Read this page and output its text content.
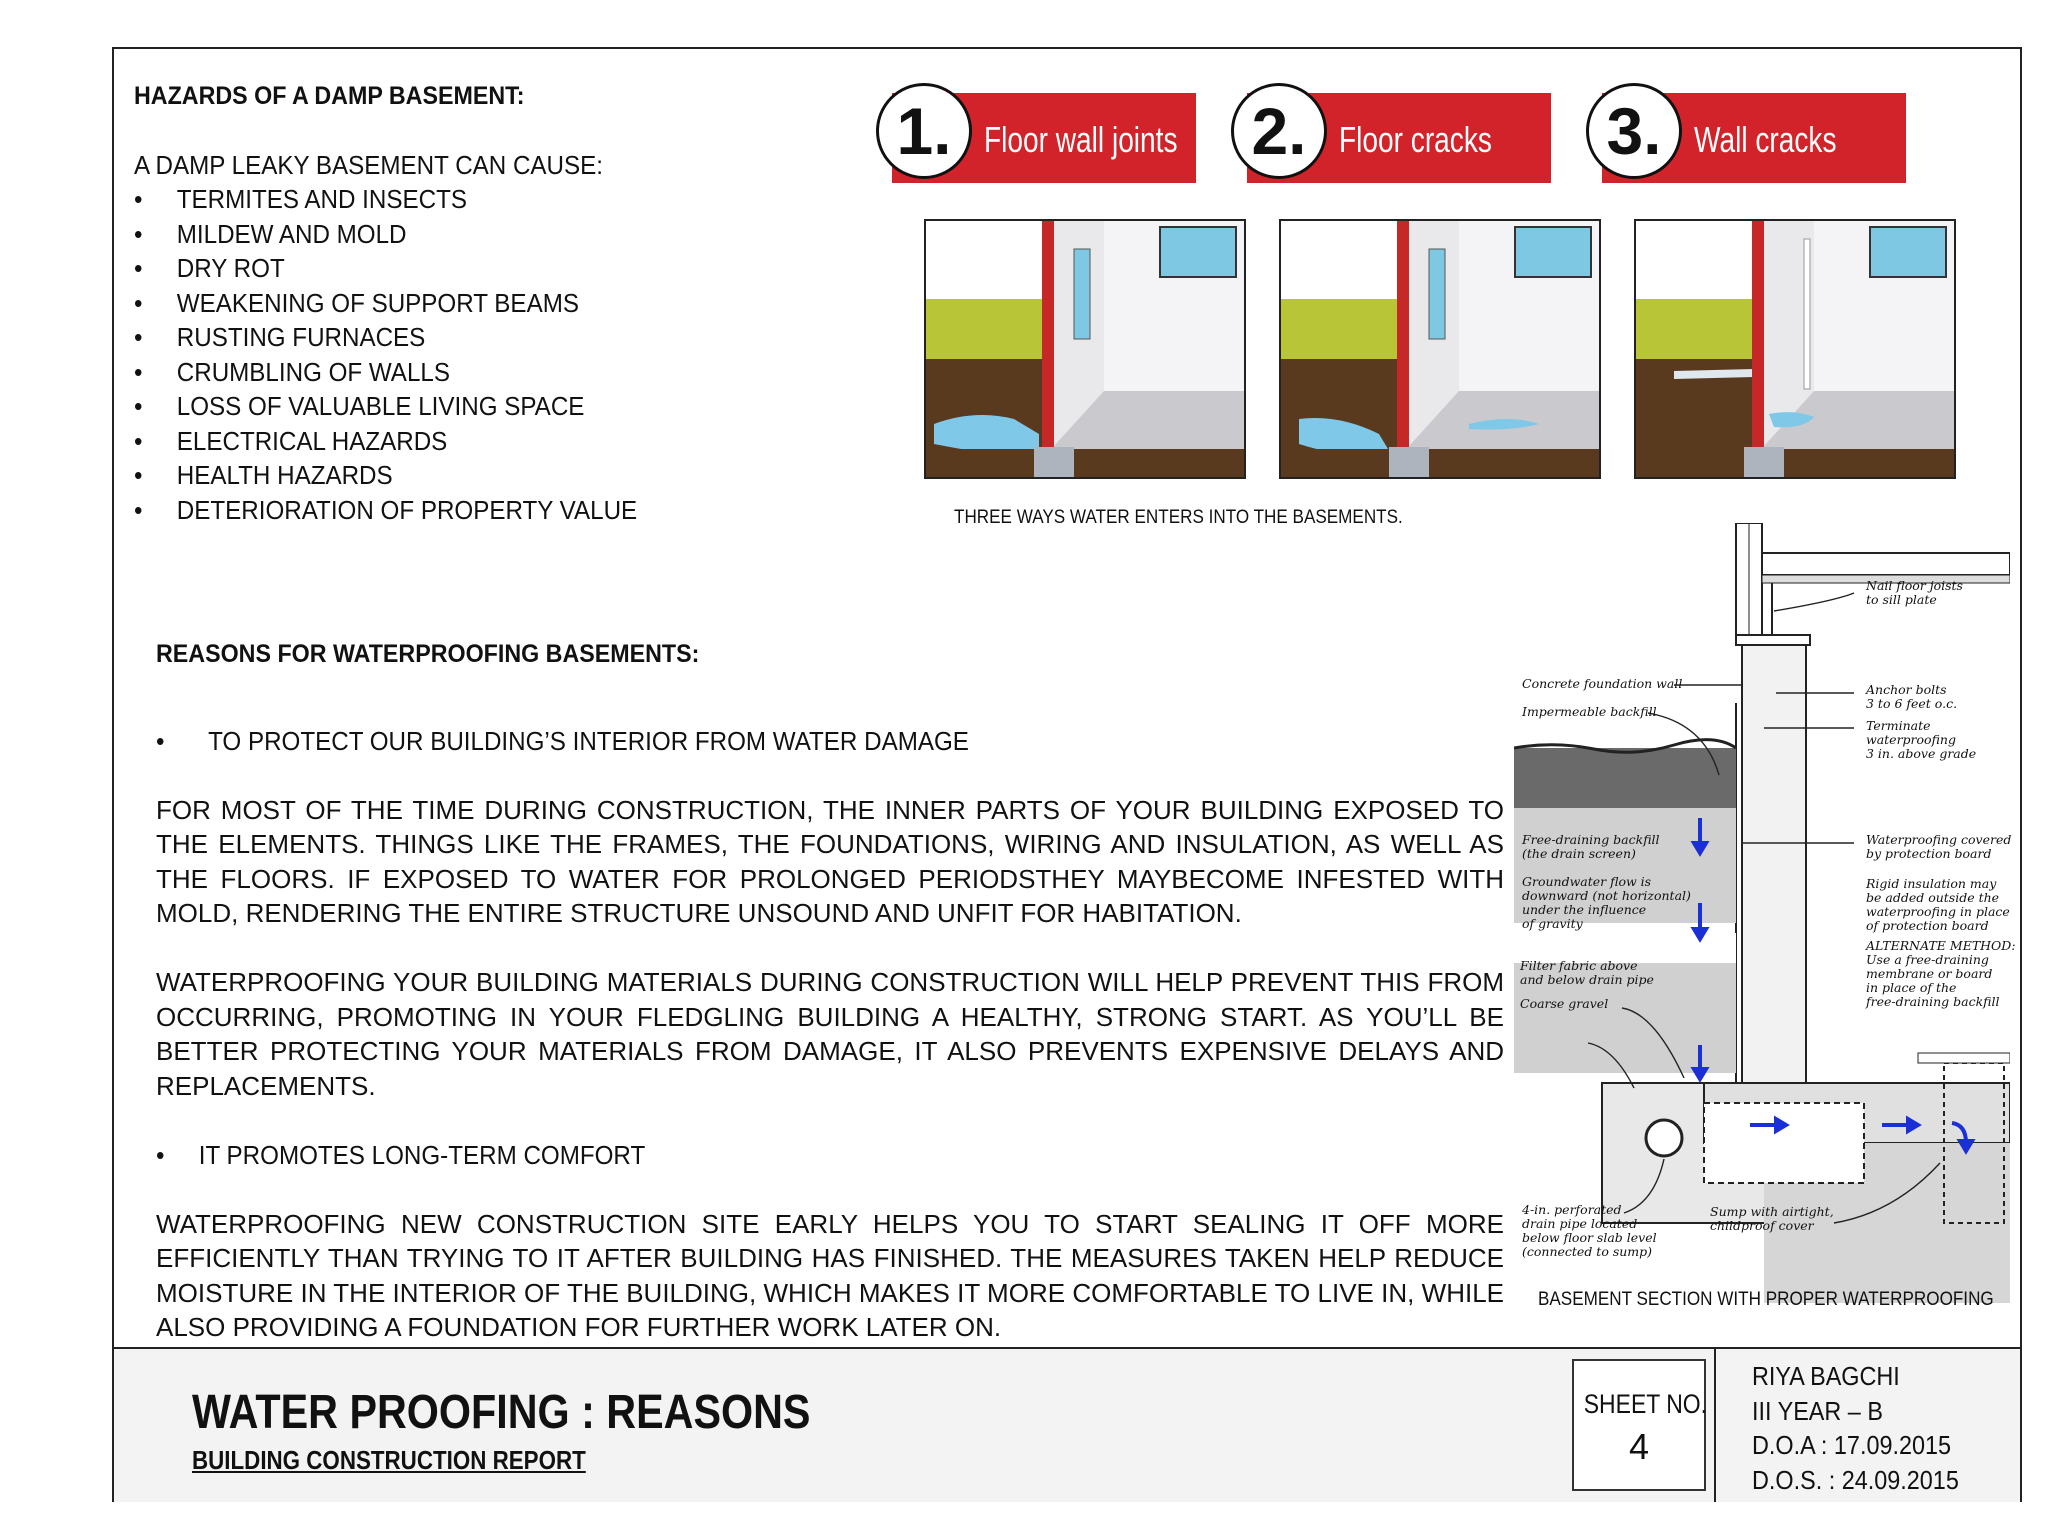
HAZARDS OF A DAMP BASEMENT:
A DAMP LEAKY BASEMENT CAN CAUSE:
• TERMITES AND INSECTS
• MILDEW AND MOLD
• DRY ROT
• WEAKENING OF SUPPORT BEAMS
• RUSTING FURNACES
• CRUMBLING OF WALLS
• LOSS OF VALUABLE LIVING SPACE
• ELECTRICAL HAZARDS
• HEALTH HAZARDS
• DETERIORATION OF PROPERTY VALUE
Floor wall joints
1.	Floor cracks
2.	Wall cracks
3.
THREE WAYS WATER ENTERS INTO THE BASEMENTS.
REASONS FOR WATERPROOFING BASEMENTS:
• TO PROTECT OUR BUILDING’S INTERIOR FROM WATER DAMAGE

FOR MOST OF THE TIME DURING CONSTRUCTION, THE INNER PARTS OF YOUR BUILDING EXPOSED TO THE ELEMENTS. THINGS LIKE THE FRAMES, THE FOUNDATIONS, WIRING AND INSULATION, AS WELL AS THE FLOORS. IF EXPOSED TO WATER FOR PROLONGED PERIODSTHEY MAYBECOME INFESTED WITH MOLD, RENDERING THE ENTIRE STRUCTURE UNSOUND AND UNFIT FOR HABITATION.

WATERPROOFING YOUR BUILDING MATERIALS DURING CONSTRUCTION WILL HELP PREVENT THIS FROM OCCURRING, PROMOTING IN YOUR FLEDGLING BUILDING A HEALTHY, STRONG START. AS YOU’LL BE BETTER PROTECTING YOUR MATERIALS FROM DAMAGE, IT ALSO PREVENTS EXPENSIVE DELAYS AND REPLACEMENTS.

• IT PROMOTES LONG-TERM COMFORT

WATERPROOFING NEW CONSTRUCTION SITE EARLY HELPS YOU TO START SEALING IT OFF MORE EFFICIENTLY THAN TRYING TO IT AFTER BUILDING HAS FINISHED. THE MEASURES TAKEN HELP REDUCE MOISTURE IN THE INTERIOR OF THE BUILDING, WHICH MAKES IT MORE COMFORTABLE TO LIVE IN, WHILE ALSO PROVIDING A FOUNDATION FOR FURTHER WORK LATER ON.

Nail floor joists
to sill plate
Concrete foundation wall
Impermeable backfill
Anchor bolts
3 to 6 feet o.c.
Terminate
waterproofing
3 in. above grade
Free-draining backfill
(the drain screen)
Groundwater flow is
downward (not horizontal)
under the influence
of gravity
Waterproofing covered
by protection board
Rigid insulation may
be added outside the
waterproofing in place
of protection board
ALTERNATE METHOD:
Use a free-draining
membrane or board
in place of the
free-draining backfill
Filter fabric above
and below drain pipe
Coarse gravel
4-in. perforated
drain pipe located
below floor slab level
(connected to sump)
Sump with airtight,
childproof cover
BASEMENT SECTION WITH PROPER WATERPROOFING
WATER PROOFING : REASONS
BUILDING CONSTRUCTION REPORT
SHEET NO.
4
RIYA BAGCHI
III YEAR – B
D.O.A : 17.09.2015
D.O.S. : 24.09.2015
